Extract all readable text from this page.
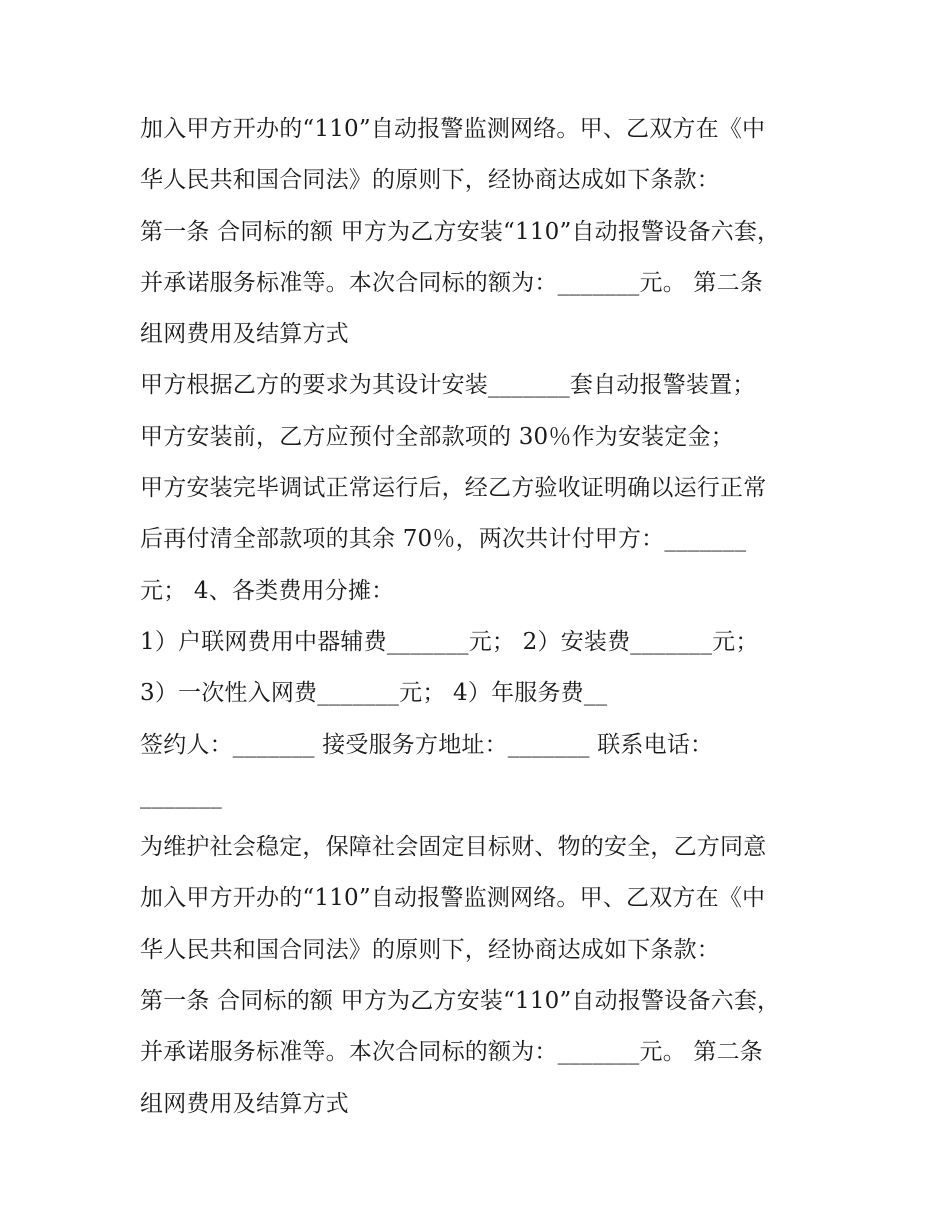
加入甲方开办的“110”自动报警监测网络。甲、乙双方在《中
华人民共和国合同法》的原则下，经协商达成如下条款：
第一条 合同标的额 甲方为乙方安装“110”自动报警设备六套，
并承诺服务标准等。本次合同标的额为：_______元。 第二条
组网费用及结算方式
甲方根据乙方的要求为其设计安装_______套自动报警装置；
甲方安装前，乙方应预付全部款项的 30％作为安装定金；
甲方安装完毕调试正常运行后，经乙方验收证明确以运行正常
后再付清全部款项的其余 70％，两次共计付甲方：_______
元； 4、各类费用分摊：
1）户联网费用中器辅费_______元； 2）安装费_______元；
3）一次性入网费_______元； 4）年服务费__
签约人：_______ 接受服务方地址：_______ 联系电话：
_______
为维护社会稳定，保障社会固定目标财、物的安全，乙方同意
加入甲方开办的“110”自动报警监测网络。甲、乙双方在《中
华人民共和国合同法》的原则下，经协商达成如下条款：
第一条 合同标的额 甲方为乙方安装“110”自动报警设备六套，
并承诺服务标准等。本次合同标的额为：_______元。 第二条
组网费用及结算方式
